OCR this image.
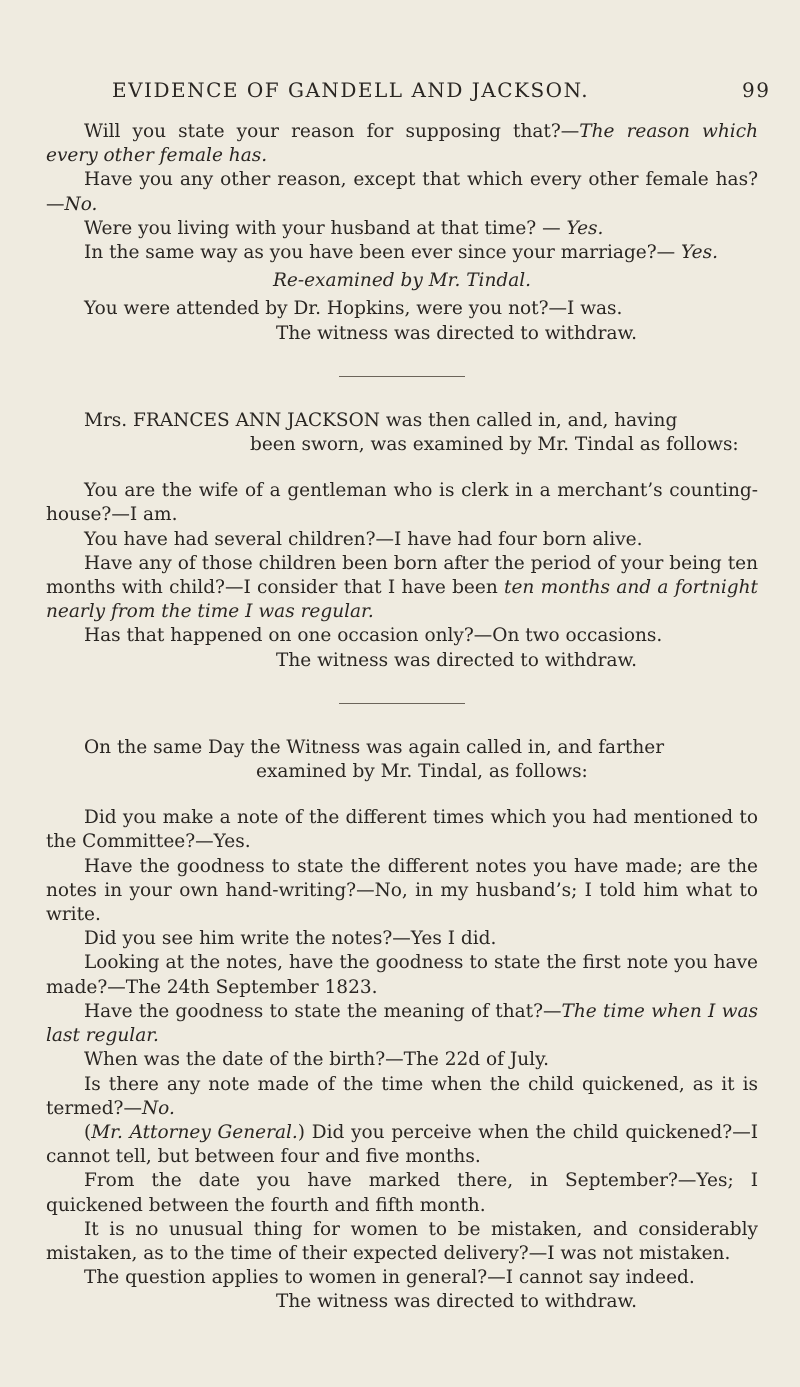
EVIDENCE OF GANDELL AND JACKSON.	99

Will you state your reason for supposing that?—The reason which every other female has.

Have you any other reason, except that which every other female has?—No.

Were you living with your husband at that time? — Yes.

In the same way as you have been ever since your marriage?— Yes.

Re-examined by Mr. Tindal.

You were attended by Dr. Hopkins, were you not?—I was.

The witness was directed to withdraw.

Mrs. FRANCES ANN JACKSON was then called in, and, having

been sworn, was examined by Mr. Tindal as follows:

You are the wife of a gentleman who is clerk in a merchant’s counting-house?—I am.

You have had several children?—I have had four born alive.

Have any of those children been born after the period of your being ten months with child?—I consider that I have been ten months and a fortnight nearly from the time I was regular.

Has that happened on one occasion only?—On two occasions.

The witness was directed to withdraw.

On the same Day the Witness was again called in, and farther

examined by Mr. Tindal, as follows:

Did you make a note of the different times which you had mentioned to the Committee?—Yes.

Have the goodness to state the different notes you have made; are the notes in your own hand-writing?—No, in my husband’s; I told him what to write.

Did you see him write the notes?—Yes I did.

Looking at the notes, have the goodness to state the first note you have made?—The 24th September 1823.

Have the goodness to state the meaning of that?—The time when I was last regular.

When was the date of the birth?—The 22d of July.

Is there any note made of the time when the child quickened, as it is termed?—No.

(Mr. Attorney General.) Did you perceive when the child quickened?—I cannot tell, but between four and five months.

From the date you have marked there, in September?—Yes; I quickened between the fourth and fifth month.

It is no unusual thing for women to be mistaken, and considerably mistaken, as to the time of their expected delivery?—I was not mistaken.

The question applies to women in general?—I cannot say indeed.

The witness was directed to withdraw.
